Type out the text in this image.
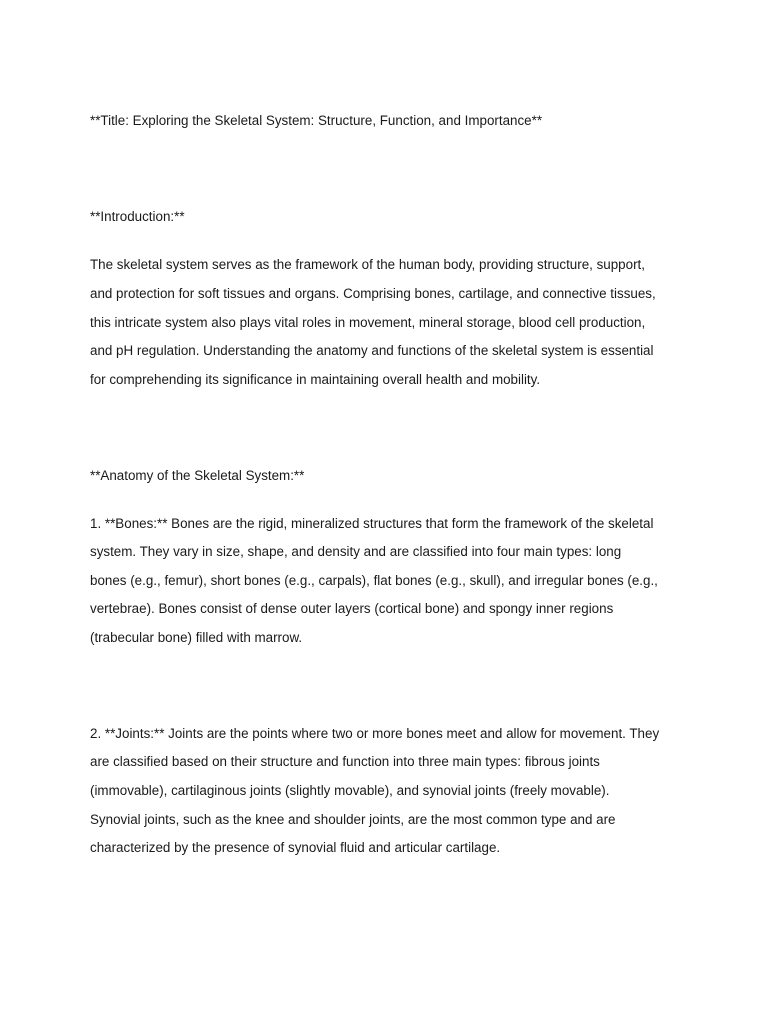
**Title: Exploring the Skeletal System: Structure, Function, and Importance**

**Introduction:**

The skeletal system serves as the framework of the human body, providing structure, support,

and protection for soft tissues and organs. Comprising bones, cartilage, and connective tissues,

this intricate system also plays vital roles in movement, mineral storage, blood cell production,

and pH regulation. Understanding the anatomy and functions of the skeletal system is essential

for comprehending its significance in maintaining overall health and mobility.

**Anatomy of the Skeletal System:**

1. **Bones:** Bones are the rigid, mineralized structures that form the framework of the skeletal

system. They vary in size, shape, and density and are classified into four main types: long

bones (e.g., femur), short bones (e.g., carpals), flat bones (e.g., skull), and irregular bones (e.g.,

vertebrae). Bones consist of dense outer layers (cortical bone) and spongy inner regions

(trabecular bone) filled with marrow.

2. **Joints:** Joints are the points where two or more bones meet and allow for movement. They

are classified based on their structure and function into three main types: fibrous joints

(immovable), cartilaginous joints (slightly movable), and synovial joints (freely movable).

Synovial joints, such as the knee and shoulder joints, are the most common type and are

characterized by the presence of synovial fluid and articular cartilage.
